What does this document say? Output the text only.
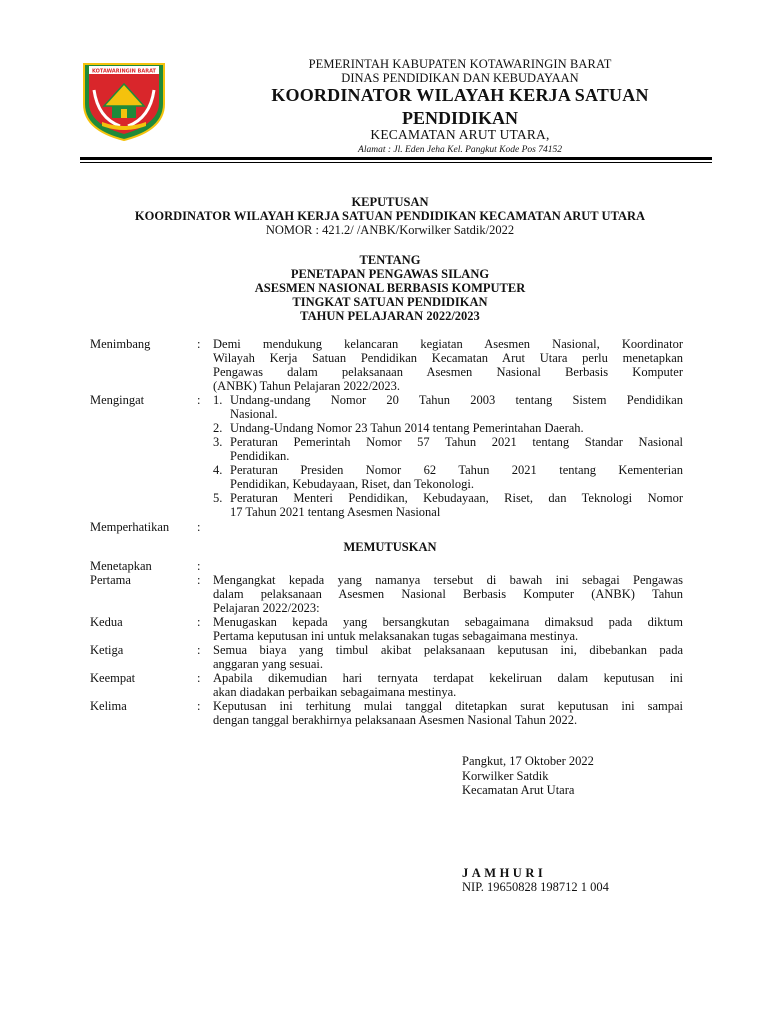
KOTAWARINGIN BARAT
PEMERINTAH KABUPATEN KOTAWARINGIN BARAT
DINAS PENDIDIKAN DAN KEBUDAYAAN
KOORDINATOR WILAYAH KERJA SATUAN
PENDIDIKAN
KECAMATAN ARUT UTARA,
Alamat : Jl. Eden Jeha Kel. Pangkut Kode Pos 74152
KEPUTUSAN
KOORDINATOR WILAYAH KERJA SATUAN PENDIDIKAN KECAMATAN ARUT UTARA
NOMOR : 421.2/ /ANBK/Korwilker Satdik/2022
TENTANG
PENETAPAN PENGAWAS SILANG
ASESMEN NASIONAL BERBASIS KOMPUTER
TINGKAT SATUAN PENDIDIKAN
TAHUN PELAJARAN 2022/2023
Menimbang	: Demi mendukung kelancaran kegiatan Asesmen Nasional, Koordinator
Wilayah Kerja Satuan Pendidikan Kecamatan Arut Utara perlu menetapkan
Pengawas dalam pelaksanaan Asesmen Nasional Berbasis Komputer
(ANBK) Tahun Pelajaran 2022/2023.
Mengingat	: 1. Undang-undang Nomor 20 Tahun 2003 tentang Sistem Pendidikan
Nasional.
2. Undang-Undang Nomor 23 Tahun 2014 tentang Pemerintahan Daerah.
3. Peraturan Pemerintah Nomor 57 Tahun 2021 tentang Standar Nasional
Pendidikan.
4. Peraturan Presiden Nomor 62 Tahun 2021 tentang Kementerian
Pendidikan, Kebudayaan, Riset, dan Tekonologi.
5. Peraturan Menteri Pendidikan, Kebudayaan, Riset, dan Teknologi Nomor
17 Tahun 2021 tentang Asesmen Nasional
Memperhatikan :
MEMUTUSKAN
Menetapkan	:
Pertama	: Mengangkat kepada yang namanya tersebut di bawah ini sebagai Pengawas
dalam pelaksanaan Asesmen Nasional Berbasis Komputer (ANBK) Tahun
Pelajaran 2022/2023:
Kedua	: Menugaskan kepada yang bersangkutan sebagaimana dimaksud pada diktum
Pertama keputusan ini untuk melaksanakan tugas sebagaimana mestinya.
Ketiga	: Semua biaya yang timbul akibat pelaksanaan keputusan ini, dibebankan pada
anggaran yang sesuai.
Keempat	: Apabila dikemudian hari ternyata terdapat kekeliruan dalam keputusan ini
akan diadakan perbaikan sebagaimana mestinya.
Kelima	: Keputusan ini terhitung mulai tanggal ditetapkan surat keputusan ini sampai
dengan tanggal berakhirnya pelaksanaan Asesmen Nasional Tahun 2022.
Pangkut, 17 Oktober 2022
Korwilker Satdik
Kecamatan Arut Utara
JAMHURI
NIP. 19650828 198712 1 004
